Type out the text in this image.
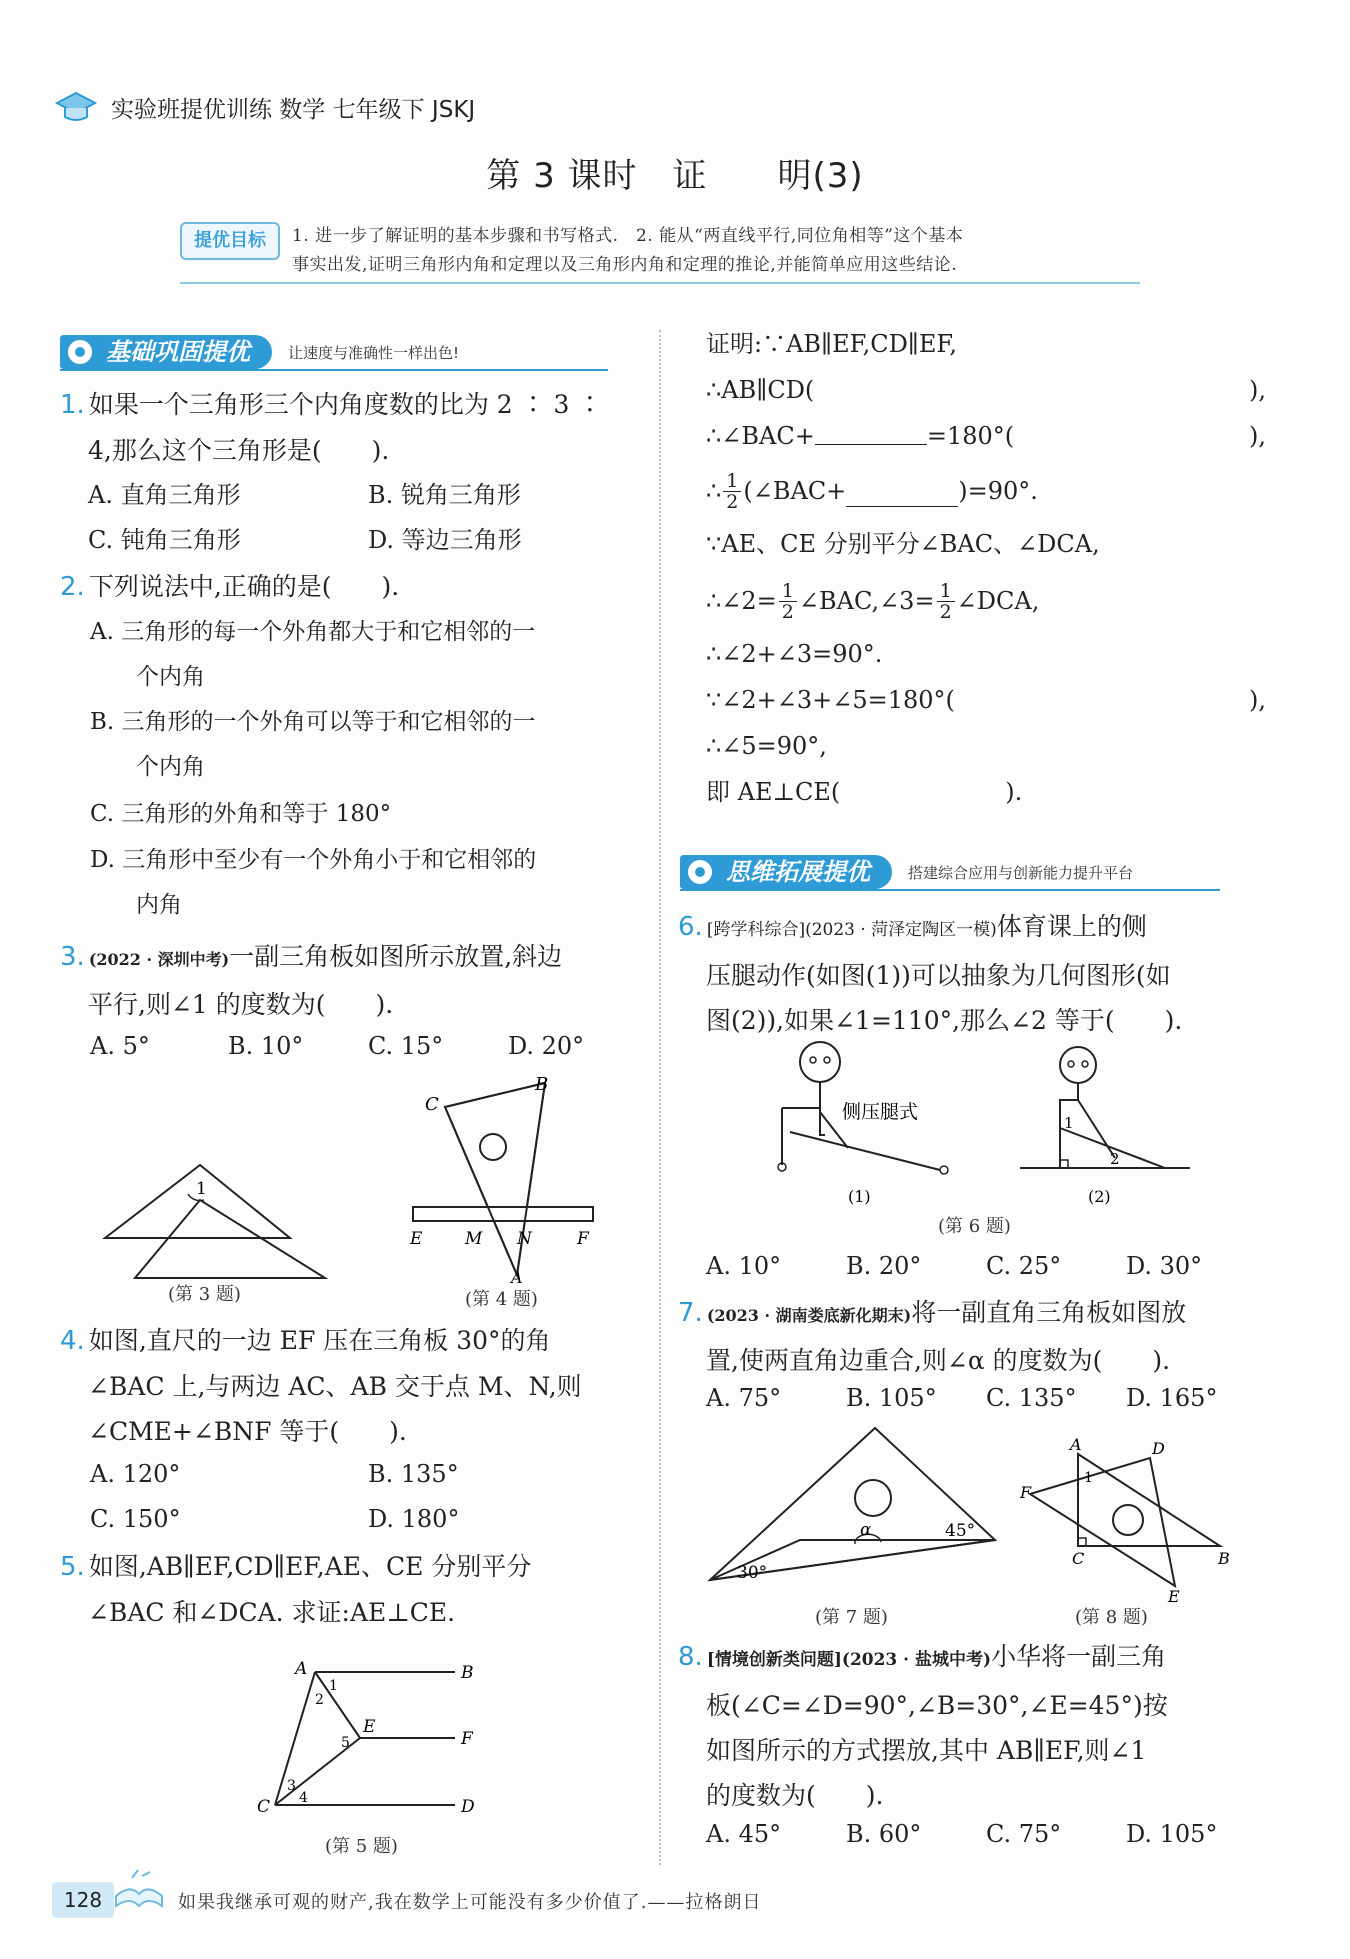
实验班提优训练 数学 七年级下 JSKJ
第 3 课时　证　　明(3)
提优目标	1. 进一步了解证明的基本步骤和书写格式.　2. 能从“两直线平行,同位角相等”这个基本
事实出发,证明三角形内角和定理以及三角形内角和定理的推论,并能简单应用这些结论.
基础巩固提优	让速度与准确性一样出色!
1. 如果一个三角形三个内角度数的比为 2 ∶ 3 ∶
4,那么这个三角形是(　　).
A. 直角三角形	B. 锐角三角形
C. 钝角三角形	D. 等边三角形
2. 下列说法中,正确的是(　　).
A. 三角形的每一个外角都大于和它相邻的一
个内角
B. 三角形的一个外角可以等于和它相邻的一
个内角
C. 三角形的外角和等于 180°
D. 三角形中至少有一个外角小于和它相邻的
内角
3. (2022 · 深圳中考)一副三角板如图所示放置,斜边
平行,则∠1 的度数为(　　).
A. 5°	B. 10°	C. 15°	D. 20°
1
(第 3 题)
C
B
E	M N	F
A
(第 4 题)
4. 如图,直尺的一边 EF 压在三角板 30°的角
∠BAC 上,与两边 AC、AB 交于点 M、N,则
∠CME+∠BNF 等于(　　).
A. 120°	B. 135°
C. 150°	D. 180°
5. 如图,AB∥EF,CD∥EF,AE、CE 分别平分
∠BAC 和∠DCA. 求证:AE⊥CE.
A	B
E
F
C	D
1
2
5
3
4
(第 5 题)
证明:∵AB∥EF,CD∥EF,
∴AB∥CD(	),
∴∠BAC+	=180°(	),
∴ $\frac{1}{2}$ (∠BAC+	)=90°.
∵AE、CE 分别平分∠BAC、∠DCA,
∴∠2= $\frac{1}{2}$ ∠BAC,∠3= $\frac{1}{2}$ ∠DCA,
∴∠2+∠3=90°.
∵∠2+∠3+∠5=180°(	),
∴∠5=90°,
即 AE⊥CE(	).
思维拓展提优	搭建综合应用与创新能力提升平台
6. [跨学科综合](2023 · 菏泽定陶区一模)体育课上的侧
压腿动作(如图(1))可以抽象为几何图形(如
图(2)),如果∠1=110°,那么∠2 等于(　　).
侧压腿式
(1)
1
2
(2)
(第 6 题)
A. 10°	B. 20°	C. 25°	D. 30°
7. (2023 · 湖南娄底新化期末)将一副直角三角板如图放
置,使两直角边重合,则∠α 的度数为(　　).
A. 75°	B. 105° C. 135° D. 165°
α	45°
30°
(第 7 题)
A	D
F
1
C	B
E
(第 8 题)
8. [情境创新类问题](2023 · 盐城中考)小华将一副三角
板(∠C=∠D=90°,∠B=30°,∠E=45°)按
如图所示的方式摆放,其中 AB∥EF,则∠1
的度数为(　　).
A. 45°	B. 60°	C. 75°	D. 105°
128	如果我继承可观的财产,我在数学上可能没有多少价值了.——拉格朗日
